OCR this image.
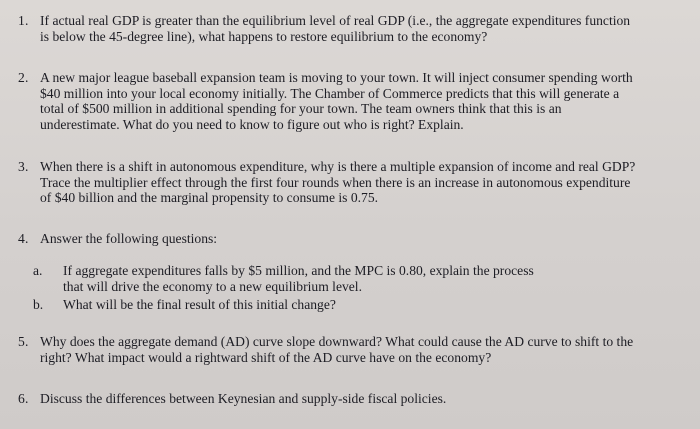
1. If actual real GDP is greater than the equilibrium level of real GDP (i.e., the aggregate expenditures function
is below the 45-degree line), what happens to restore equilibrium to the economy?
2. A new major league baseball expansion team is moving to your town. It will inject consumer spending worth
$40 million into your local economy initially. The Chamber of Commerce predicts that this will generate a
total of $500 million in additional spending for your town. The team owners think that this is an
underestimate. What do you need to know to figure out who is right? Explain.
3. When there is a shift in autonomous expenditure, why is there a multiple expansion of income and real GDP?
Trace the multiplier effect through the first four rounds when there is an increase in autonomous expenditure
of $40 billion and the marginal propensity to consume is 0.75.
4. Answer the following questions:
a.	If aggregate expenditures falls by $5 million, and the MPC is 0.80, explain the process
that will drive the economy to a new equilibrium level.
b.	What will be the final result of this initial change?
5. Why does the aggregate demand (AD) curve slope downward? What could cause the AD curve to shift to the
right? What impact would a rightward shift of the AD curve have on the economy?
6. Discuss the differences between Keynesian and supply-side fiscal policies.
